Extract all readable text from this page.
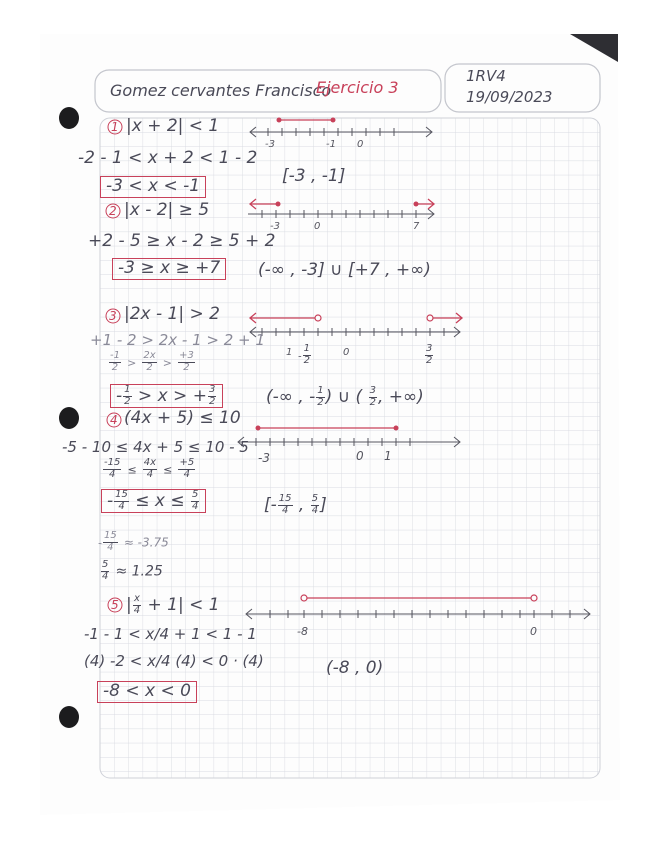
Gomez cervantes Francisco
Ejercicio 3
1RV4
19/09/2023
1 |x + 2| < 1
-2 - 1 < x + 2 < 1 - 2
-3 < x < -1	[-3 , -1]
-3	-1 0
2 |x - 2| ≥ 5
+2 - 5 ≥ x - 2 ≥ 5 + 2
-3 ≥ x ≥ +7	(-∞ , -3] ∪ [+7 , +∞)
-3	0	7
3 |2x - 1| > 2
+1 - 2 > 2x - 1 > 2 + 1
$\frac{-1}{2} > \frac{2x}{2} > \frac{+3}{2}$
- $\frac{1}{2} > x$ > + $\frac{3}{2}$	(-∞ , - $\frac{1}{2}$ ) ∪ ( $\frac{3}{2}$ , +∞)
$1 - \frac{1}{2}$	0	$\frac{3}{2}$
4 (4x + 5) ≤ 10
-5 - 10 ≤ 4x + 5 ≤ 10 - 5
$\frac{-15}{4} \le \frac{4x}{4} \le \frac{+5}{4}$
- $\frac{15}{4} \le x \le \frac{5}{4}$	[- $\frac{15}{4}$ , $\frac{5}{4}$ ]
- $\frac{15}{4} \approx -3.75$
$\frac{5}{4} \approx 1.25$
-3	0 1
5 | $\frac{x}{4} + 1| < 1$
-1 - 1 < x/4 + 1 < 1 - 1
(4) -2 < x/4 (4) < 0 · (4)
-8 < x < 0
(-8 , 0)
-8	0
